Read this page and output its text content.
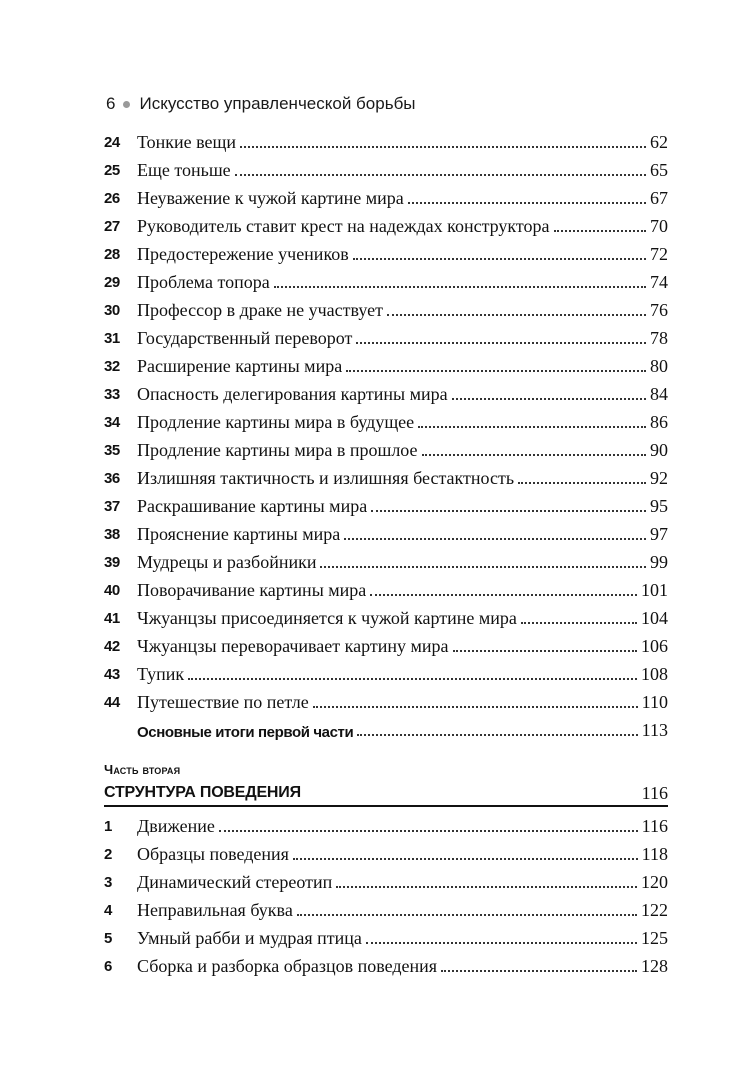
6 Искусство управленческой борьбы
24 Тонкие вещи	62
25 Еще тоньше	65
26 Неуважение к чужой картине мира	67
27 Руководитель ставит крест на надеждах конструктора	70
28 Предостережение учеников	72
29 Проблема топора	74
30 Профессор в драке не участвует	76
31 Государственный переворот	78
32 Расширение картины мира	80
33 Опасность делегирования картины мира	84
34 Продление картины мира в будущее	86
35 Продление картины мира в прошлое	90
36 Излишняя тактичность и излишняя бестактность	92
37 Раскрашивание картины мира	95
38 Прояснение картины мира	97
39 Мудрецы и разбойники	99
40 Поворачивание картины мира	101
41 Чжуанцзы присоединяется к чужой картине мира	104
42 Чжуанцзы переворачивает картину мира	106
43 Тупик	108
44 Путешествие по петле	110
Основные итоги первой части	113
Часть вторая
СТРУНТУРА ПОВЕДЕНИЯ	116
1 Движение	116
2 Образцы поведения	118
3 Динамический стереотип	120
4 Неправильная буква	122
5 Умный рабби и мудрая птица	125
6 Сборка и разборка образцов поведения	128
